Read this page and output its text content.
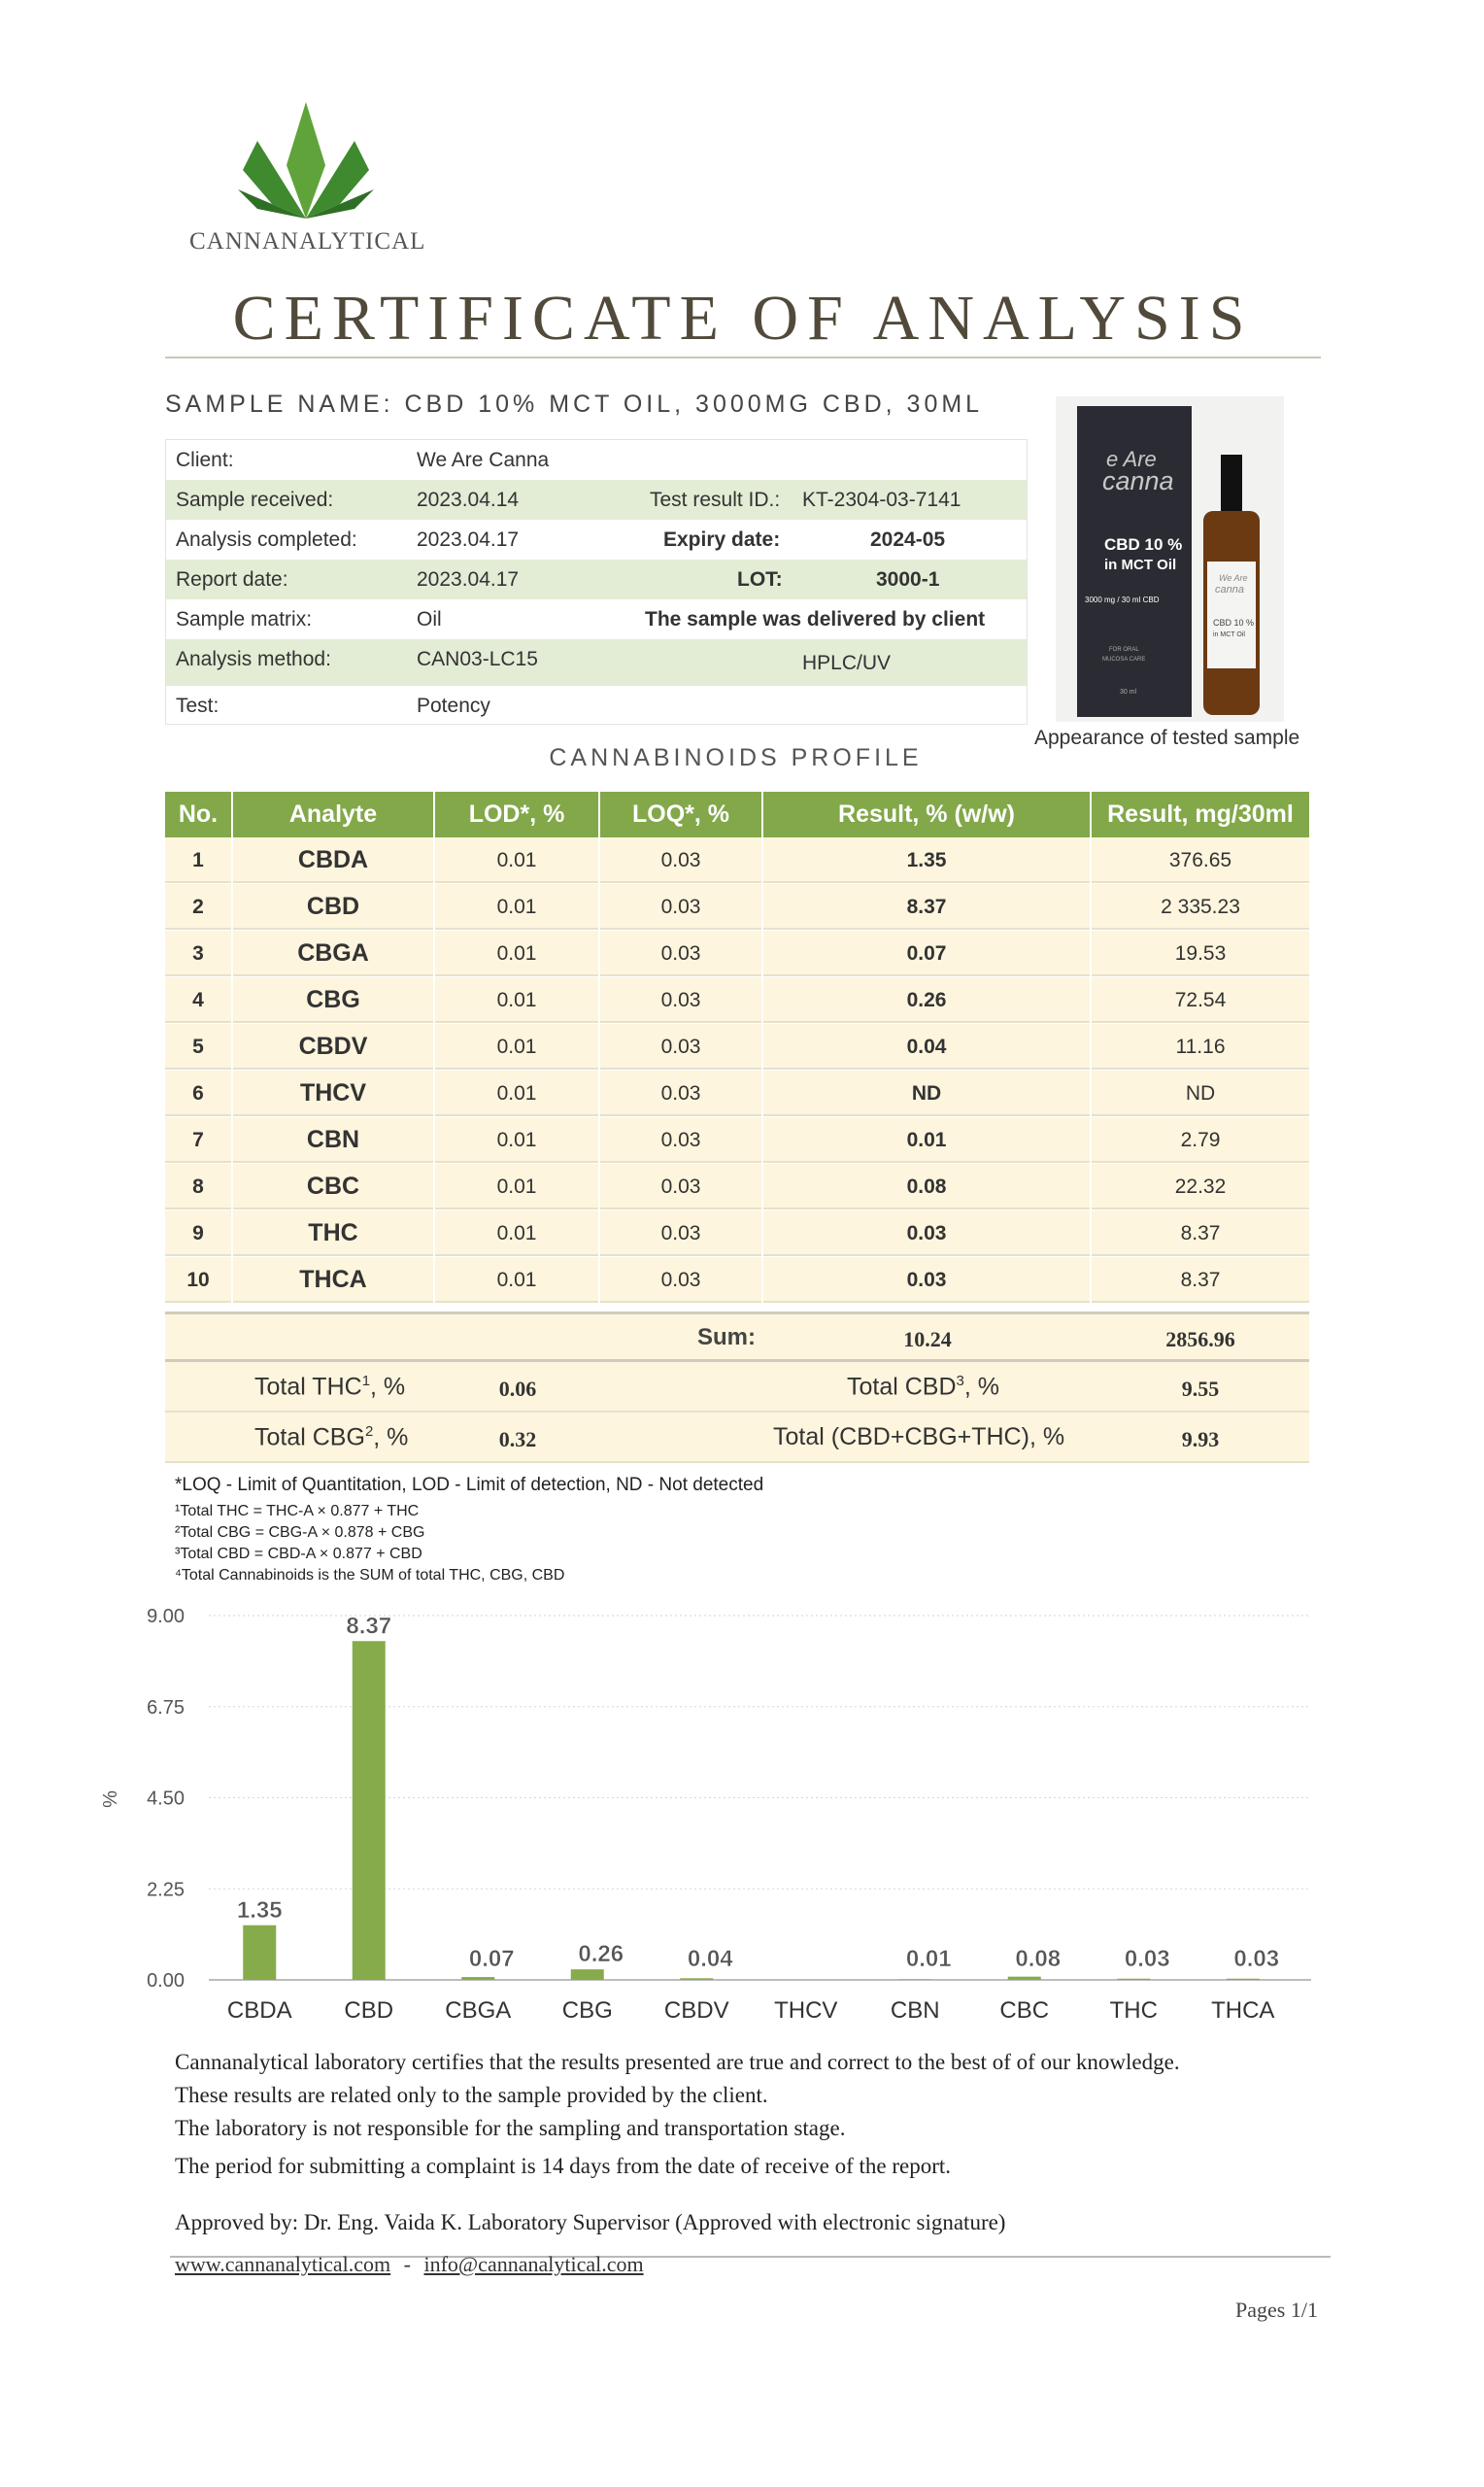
CANNANALYTICAL
CERTIFICATE OF ANALYSIS
SAMPLE NAME: CBD 10% MCT OIL, 3000MG CBD, 30ML
Client:	We Are Canna
Sample received:	2023.04.14	Test result ID.: KT-2304-03-7141
Analysis completed:	2023.04.17	Expiry date:	2024-05
Report date:	2023.04.17	LOT:	3000-1
Sample matrix:	Oil	The sample was delivered by client
Analysis method:	CAN03-LC15	HPLC/UV
Test:	Potency
e Are
canna
CBD 10 %
in MCT Oil
3000 mg / 30 ml CBD
FOR ORAL
MUCOSA CARE
30 ml
We Are
canna
CBD 10 %
in MCT Oil
Appearance of tested sample
CANNABINOIDS PROFILE
No.	Analyte	LOD*, %	LOQ*, %	Result, % (w/w)	Result, mg/30ml
1	CBDA	0.01	0.03	1.35	376.65
2	CBD	0.01	0.03	8.37	2 335.23
3	CBGA	0.01	0.03	0.07	19.53
4	CBG	0.01	0.03	0.26	72.54
5	CBDV	0.01	0.03	0.04	11.16
6	THCV	0.01	0.03	ND	ND
7	CBN	0.01	0.03	0.01	2.79
8	CBC	0.01	0.03	0.08	22.32
9	THC	0.01	0.03	0.03	8.37
10	THCA	0.01	0.03	0.03	8.37
Sum:	10.24	2856.96
Total THC$^1$, %	0.06	Total CBD$^3$, %	9.55
Total CBG$^2$, %	0.32	Total (CBD+CBG+THC), %	9.93
*LOQ - Limit of Quantitation, LOD - Limit of detection, ND - Not detected
¹Total THC = THC-A × 0.877 + THC
²Total CBG = CBG-A × 0.878 + CBG
³Total CBD = CBD-A × 0.877 + CBD
⁴Total Cannabinoids is the SUM of total THC, CBG, CBD
0.00
2.25
4.50
6.75
9.00
%
1.35
CBDA
8.37
CBD
0.07
CBGA
0.26
CBG
0.04
CBDV THCV
0.01
CBN
0.08
CBC
0.03
THC
0.03
THCA
Cannanalytical laboratory certifies that the results presented are true and correct to the best of of our knowledge.
These results are related only to the sample provided by the client.
The laboratory is not responsible for the sampling and transportation stage.
The period for submitting a complaint is 14 days from the date of receive of the report.
Approved by: Dr. Eng. Vaida K. Laboratory Supervisor (Approved with electronic signature)
www.cannanalytical.com - info@cannanalytical.com
Pages 1/1
